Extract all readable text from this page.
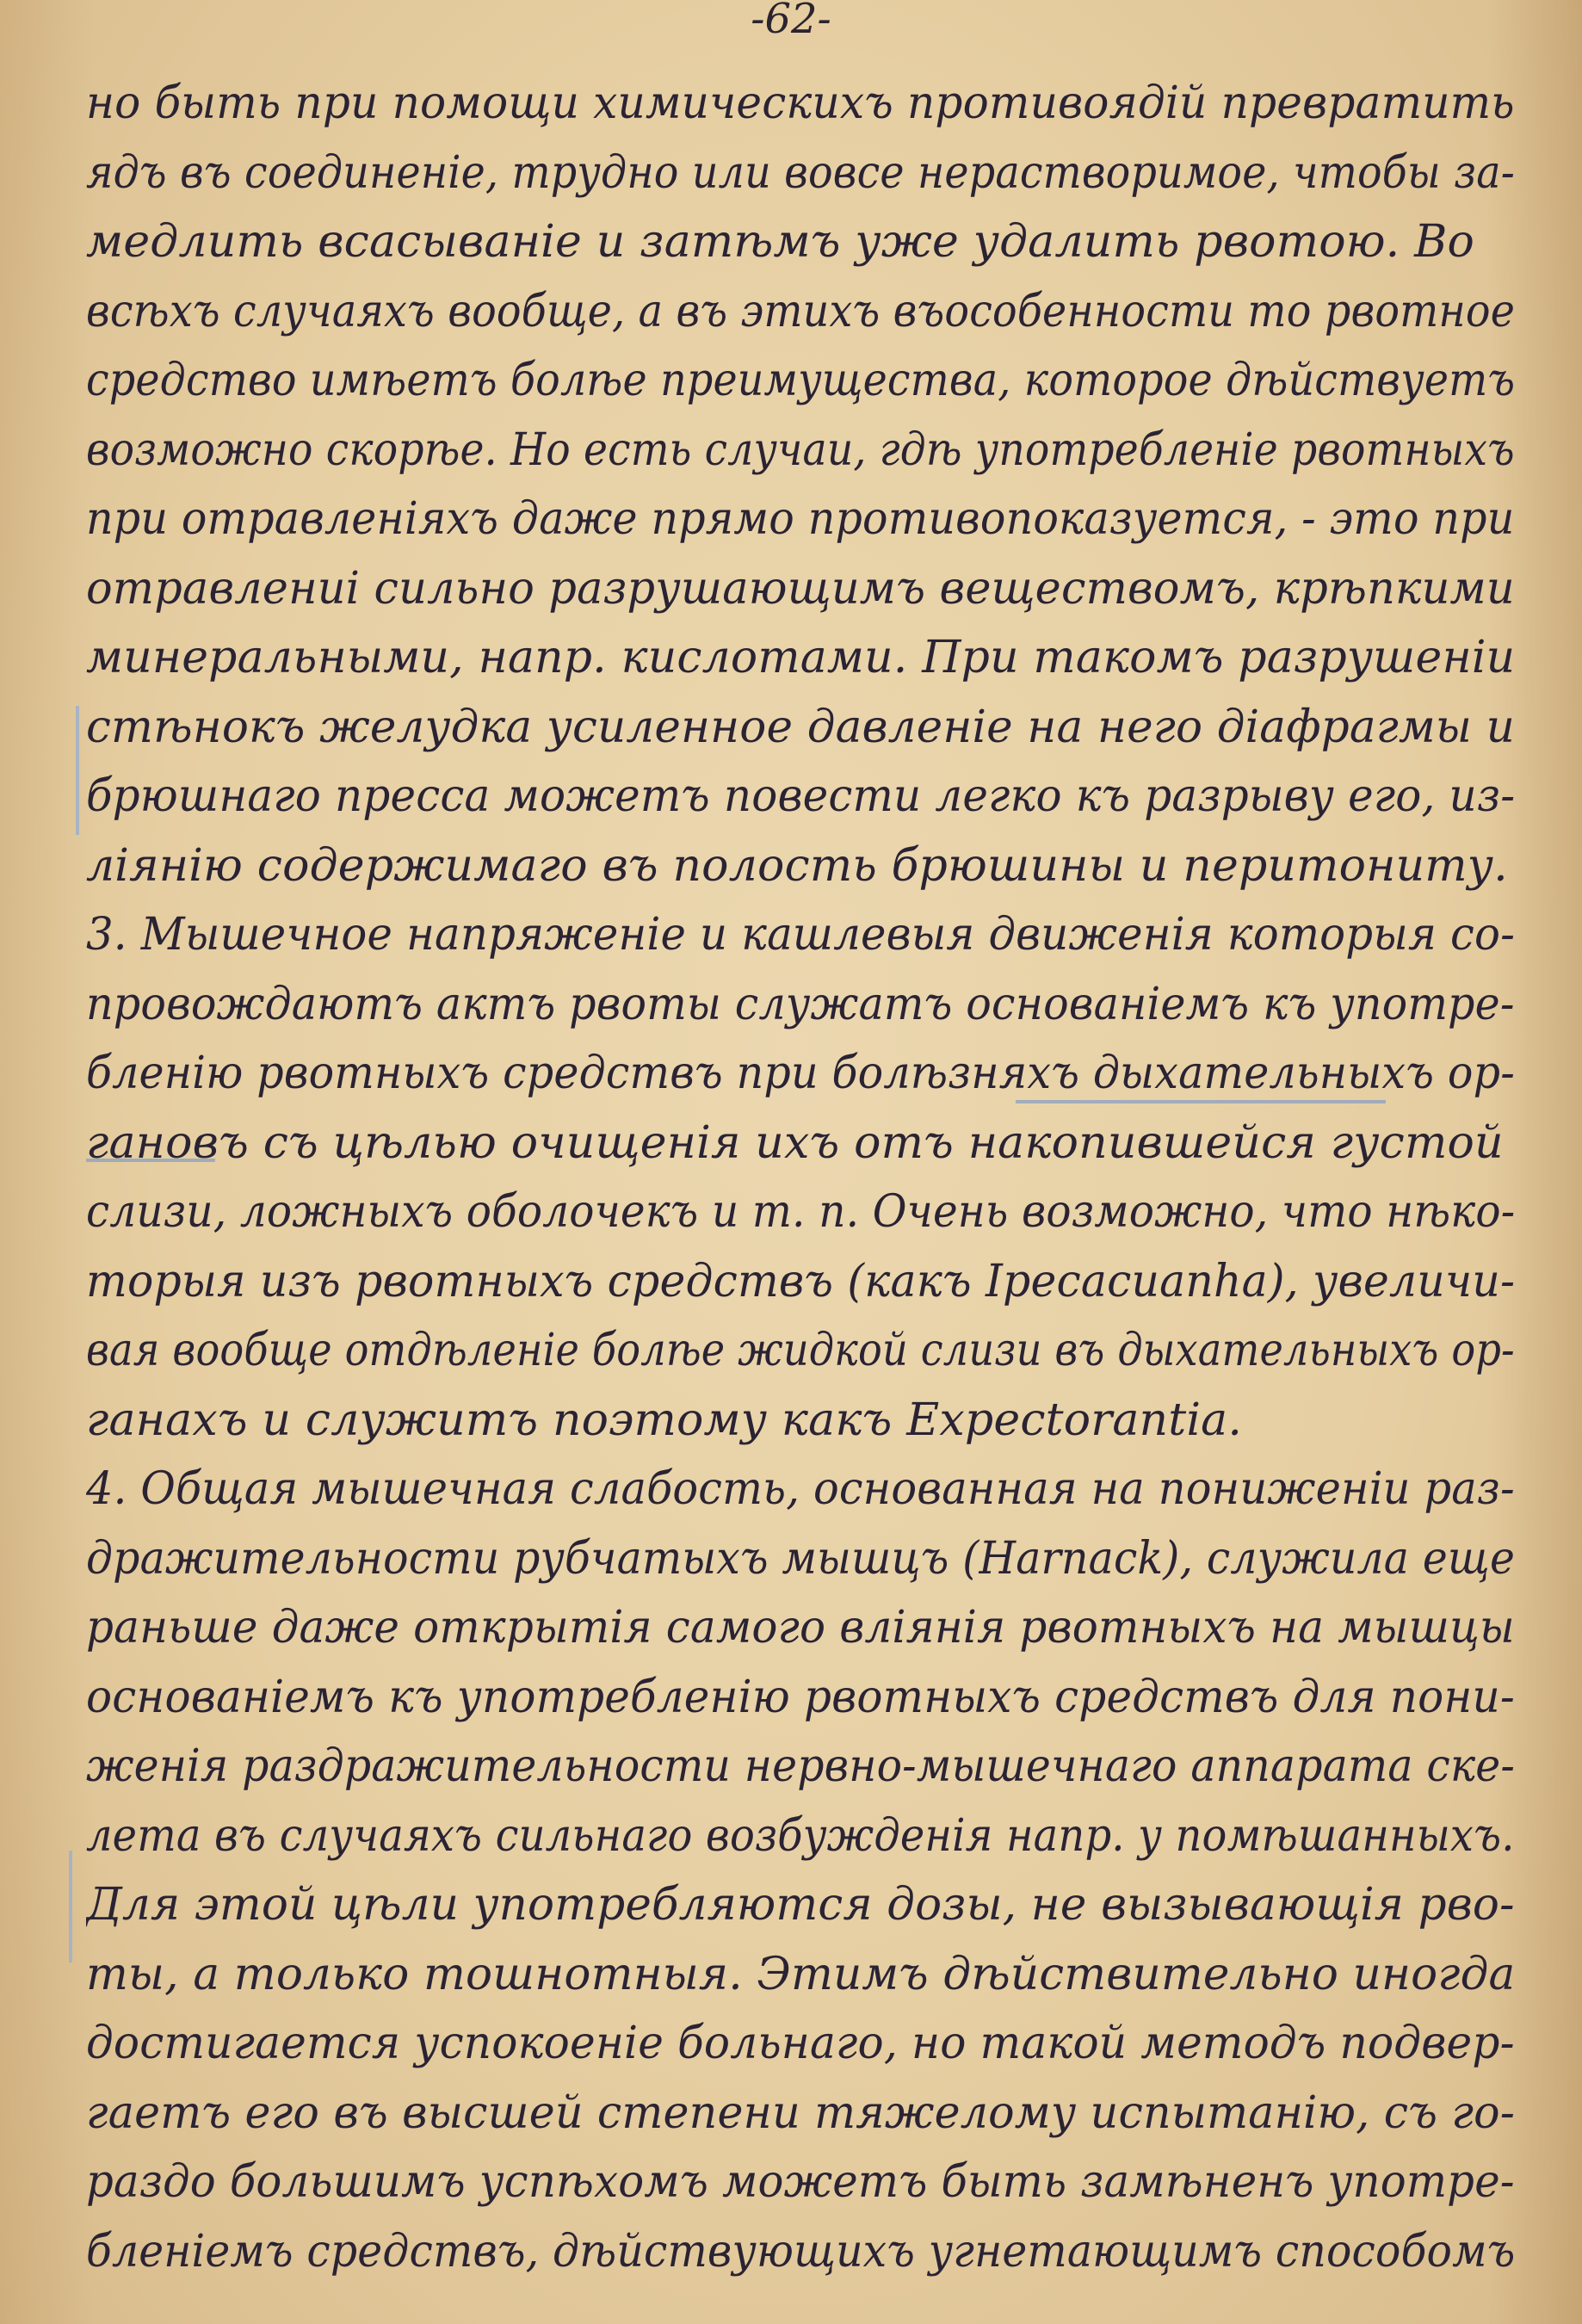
-62-
но быть при помощи химическихъ противоядій превратить
ядъ въ соединеніе, трудно или вовсе нерастворимое, чтобы за-
медлить всасываніе и затѣмъ уже удалить рвотою. Во
всѣхъ случаяхъ вообще, а въ этихъ въособенности то рвотное
средство имѣетъ болѣе преимущества, которое дѣйствуетъ
возможно скорѣе. Но есть случаи, гдѣ употребленіе рвотныхъ
при отравленіяхъ даже прямо противопоказуется, - это при
отравлениі сильно разрушающимъ веществомъ, крѣпкими
минеральными, напр. кислотами. При такомъ разрушеніи
стѣнокъ желудка усиленное давленіе на него діафрагмы и
брюшнаго пресса можетъ повести легко къ разрыву его, из-
ліянію содержимаго въ полость брюшины и перитониту.
3. Мышечное напряженіе и кашлевыя движенія которыя со-
провождаютъ актъ рвоты служатъ основаніемъ къ употре-
бленію рвотныхъ средствъ при болѣзняхъ дыхательныхъ ор-
гановъ съ цѣлью очищенія ихъ отъ накопившейся густой
слизи, ложныхъ оболочекъ и т. п. Очень возможно, что нѣко-
торыя изъ рвотныхъ средствъ (какъ Ipecacuanha), увеличи-
вая вообще отдѣленіе болѣе жидкой слизи въ дыхательныхъ ор-
ганахъ и служитъ поэтому какъ Expectorantia.
4. Общая мышечная слабость, основанная на пониженіи раз-
дражительности рубчатыхъ мышцъ (Harnack), служила еще
раньше даже открытія самого вліянія рвотныхъ на мышцы
основаніемъ къ употребленію рвотныхъ средствъ для пони-
женія раздражительности нервно-мышечнаго аппарата ске-
лета въ случаяхъ сильнаго возбужденія напр. у помѣшанныхъ.
Для этой цѣли употребляются дозы, не вызывающія рво-
ты, а только тошнотныя. Этимъ дѣйствительно иногда
достигается успокоеніе больнаго, но такой методъ подвер-
гаетъ его въ высшей степени тяжелому испытанію, съ го-
раздо большимъ успѣхомъ можетъ быть замѣненъ употре-
бленіемъ средствъ, дѣйствующихъ угнетающимъ способомъ
